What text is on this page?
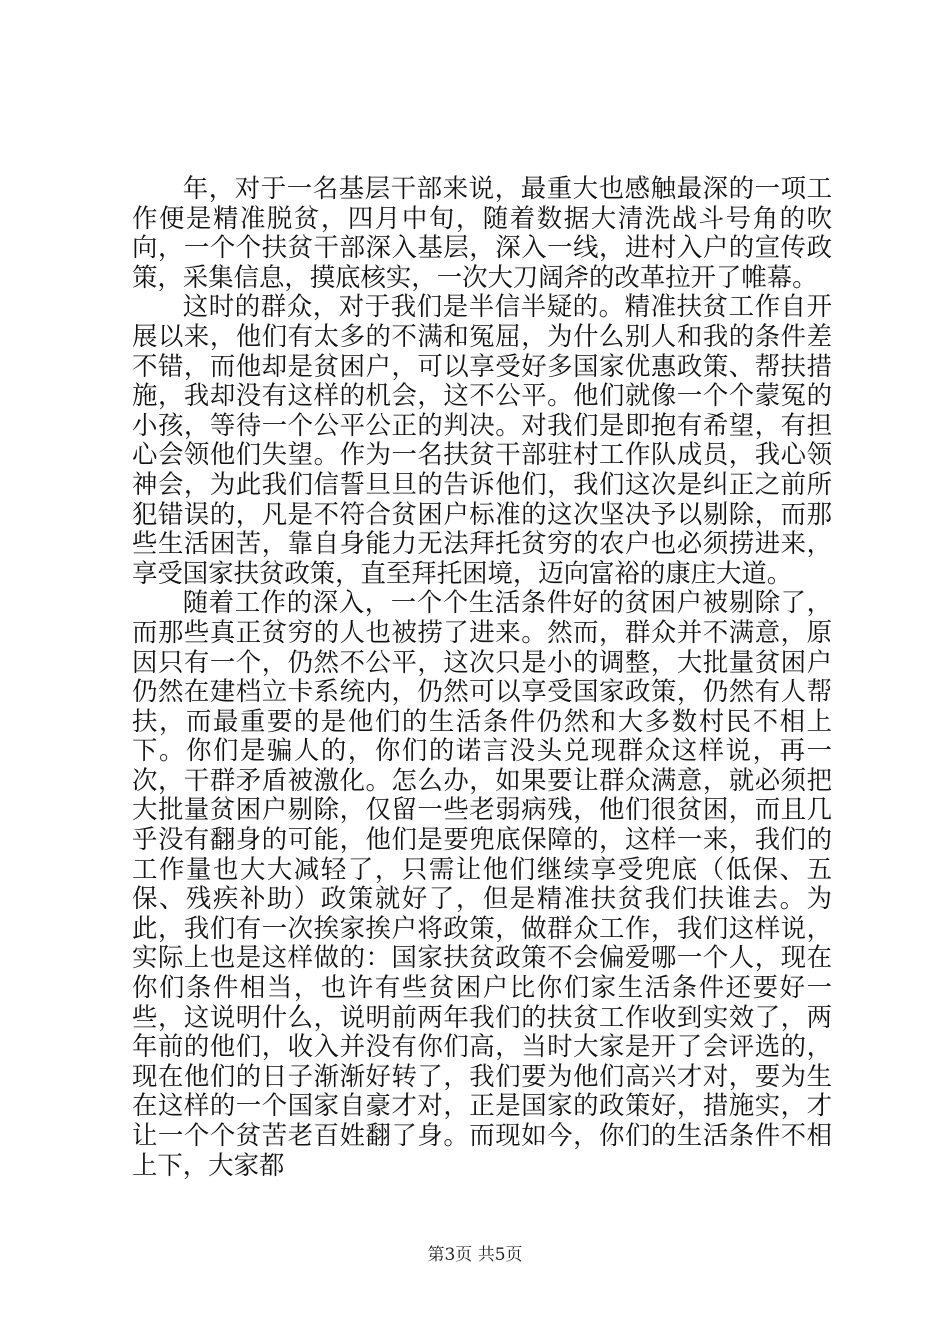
年，对于一名基层干部来说，最重大也感触最深的一项工作便是精准脱贫，四月中旬，随着数据大清洗战斗号角的吹向，一个个扶贫干部深入基层，深入一线，进村入户的宣传政策，采集信息，摸底核实，一次大刀阔斧的改革拉开了帷幕。

这时的群众，对于我们是半信半疑的。精准扶贫工作自开展以来，他们有太多的不满和冤屈，为什么别人和我的条件差不错，而他却是贫困户，可以享受好多国家优惠政策、帮扶措施，我却没有这样的机会，这不公平。他们就像一个个蒙冤的小孩，等待一个公平公正的判决。对我们是即抱有希望，有担心会领他们失望。作为一名扶贫干部驻村工作队成员，我心领神会，为此我们信誓旦旦的告诉他们，我们这次是纠正之前所犯错误的，凡是不符合贫困户标准的这次坚决予以剔除，而那些生活困苦，靠自身能力无法拜托贫穷的农户也必须捞进来，享受国家扶贫政策，直至拜托困境，迈向富裕的康庄大道。

随着工作的深入，一个个生活条件好的贫困户被剔除了，而那些真正贫穷的人也被捞了进来。然而，群众并不满意，原因只有一个，仍然不公平，这次只是小的调整，大批量贫困户仍然在建档立卡系统内，仍然可以享受国家政策，仍然有人帮扶，而最重要的是他们的生活条件仍然和大多数村民不相上下。你们是骗人的，你们的诺言没头兑现群众这样说，再一次，干群矛盾被激化。怎么办，如果要让群众满意，就必须把大批量贫困户剔除，仅留一些老弱病残，他们很贫困，而且几乎没有翻身的可能，他们是要兜底保障的，这样一来，我们的工作量也大大减轻了，只需让他们继续享受兜底（低保、五保、残疾补助）政策就好了，但是精准扶贫我们扶谁去。为此，我们有一次挨家挨户将政策，做群众工作，我们这样说，实际上也是这样做的：国家扶贫政策不会偏爱哪一个人，现在你们条件相当，也许有些贫困户比你们家生活条件还要好一些，这说明什么，说明前两年我们的扶贫工作收到实效了，两年前的他们，收入并没有你们高，当时大家是开了会评选的，现在他们的日子渐渐好转了，我们要为他们高兴才对，要为生在这样的一个国家自豪才对，正是国家的政策好，措施实，才让一个个贫苦老百姓翻了身。而现如今，你们的生活条件不相上下，大家都

第3页 共5页
